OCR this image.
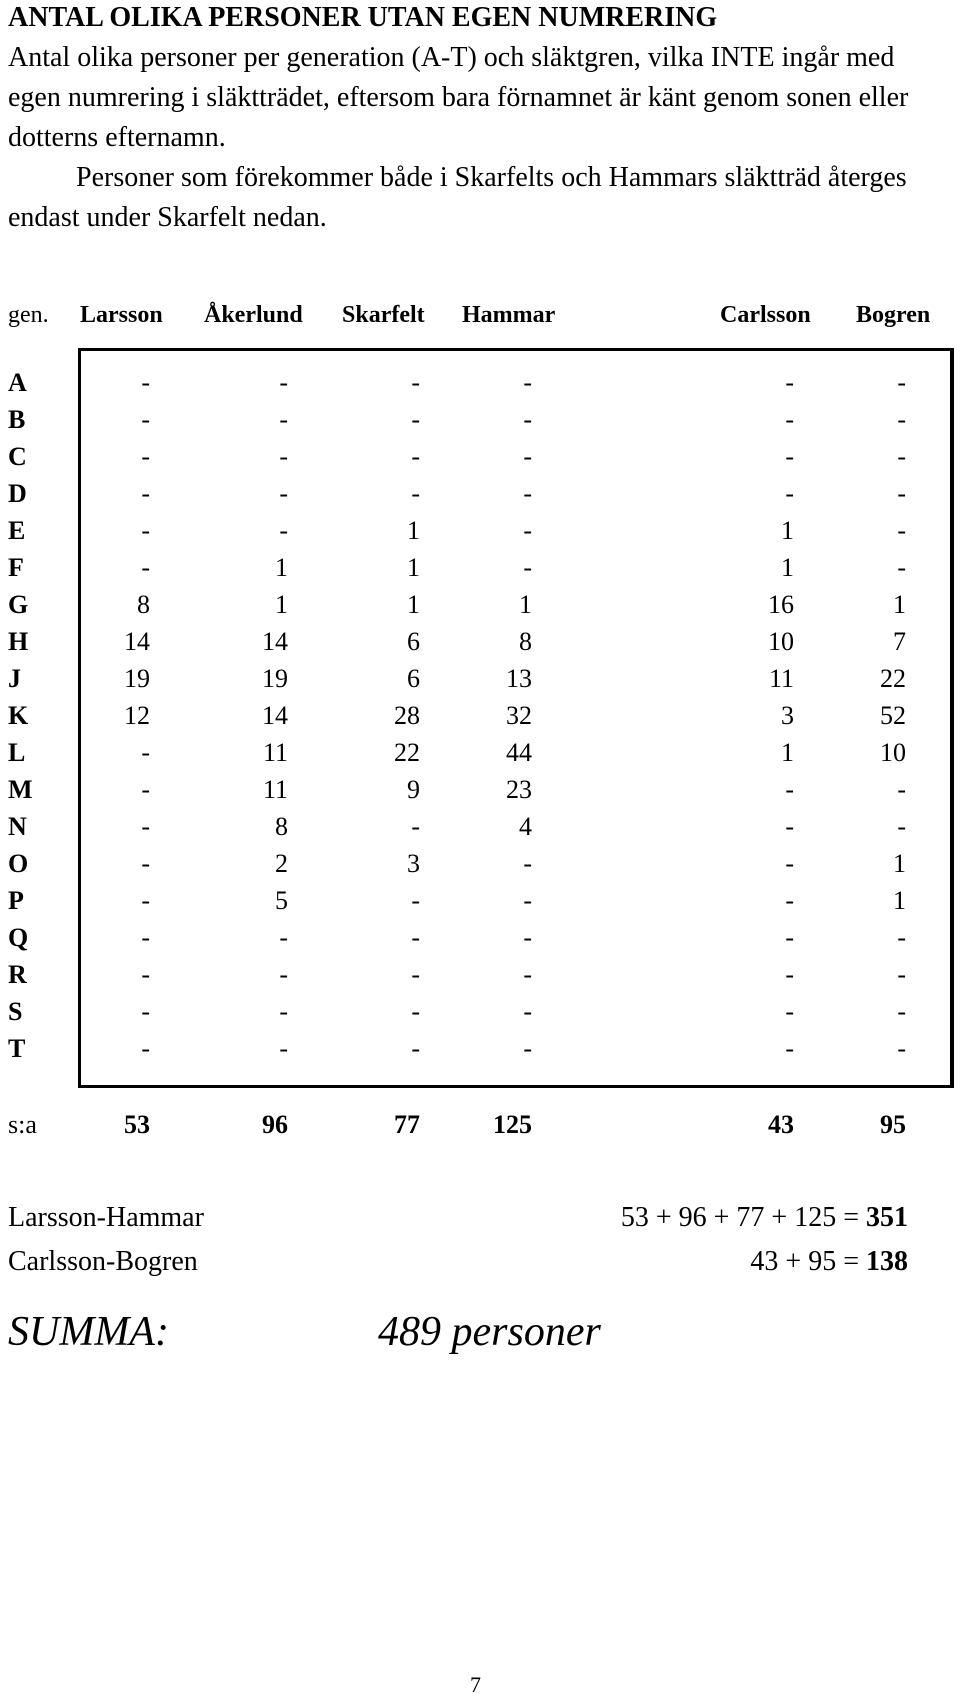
ANTAL OLIKA PERSONER UTAN EGEN NUMRERING

Antal olika personer per generation (A-T) och släktgren, vilka INTE ingår med egen numrering i släktträdet, eftersom bara förnamnet är känt genom sonen eller dotterns efternamn.

Personer som förekommer både i Skarfelts och Hammars släktträd återges endast under Skarfelt nedan.

gen. Larsson Åkerlund Skarfelt Hammar	Carlsson Bogren
A	-	-	-	-	-	-
B	-	-	-	-	-	-
C	-	-	-	-	-	-
D	-	-	-	-	-	-
E	-	-	1	-	1	-
F	-	1	1	-	1	-
G	8	1	1	1	16	1
H	14	14	6	8	10	7
J	19	19	6	13	11	22
K	12	14	28	32	3	52
L	-	11	22	44	1	10
M	-	11	9	23	-	-
N	-	8	-	4	-	-
O	-	2	3	-	-	1
P	-	5	-	-	-	1
Q	-	-	-	-	-	-
R	-	-	-	-	-	-
S	-	-	-	-	-	-
T	-	-	-	-	-	-
s:a	53	96	77	125	43	95
Larsson-Hammar	53 + 96 + 77 + 125 = 351
Carlsson-Bogren	43 + 95 = 138
SUMMA:	489 personer
7
